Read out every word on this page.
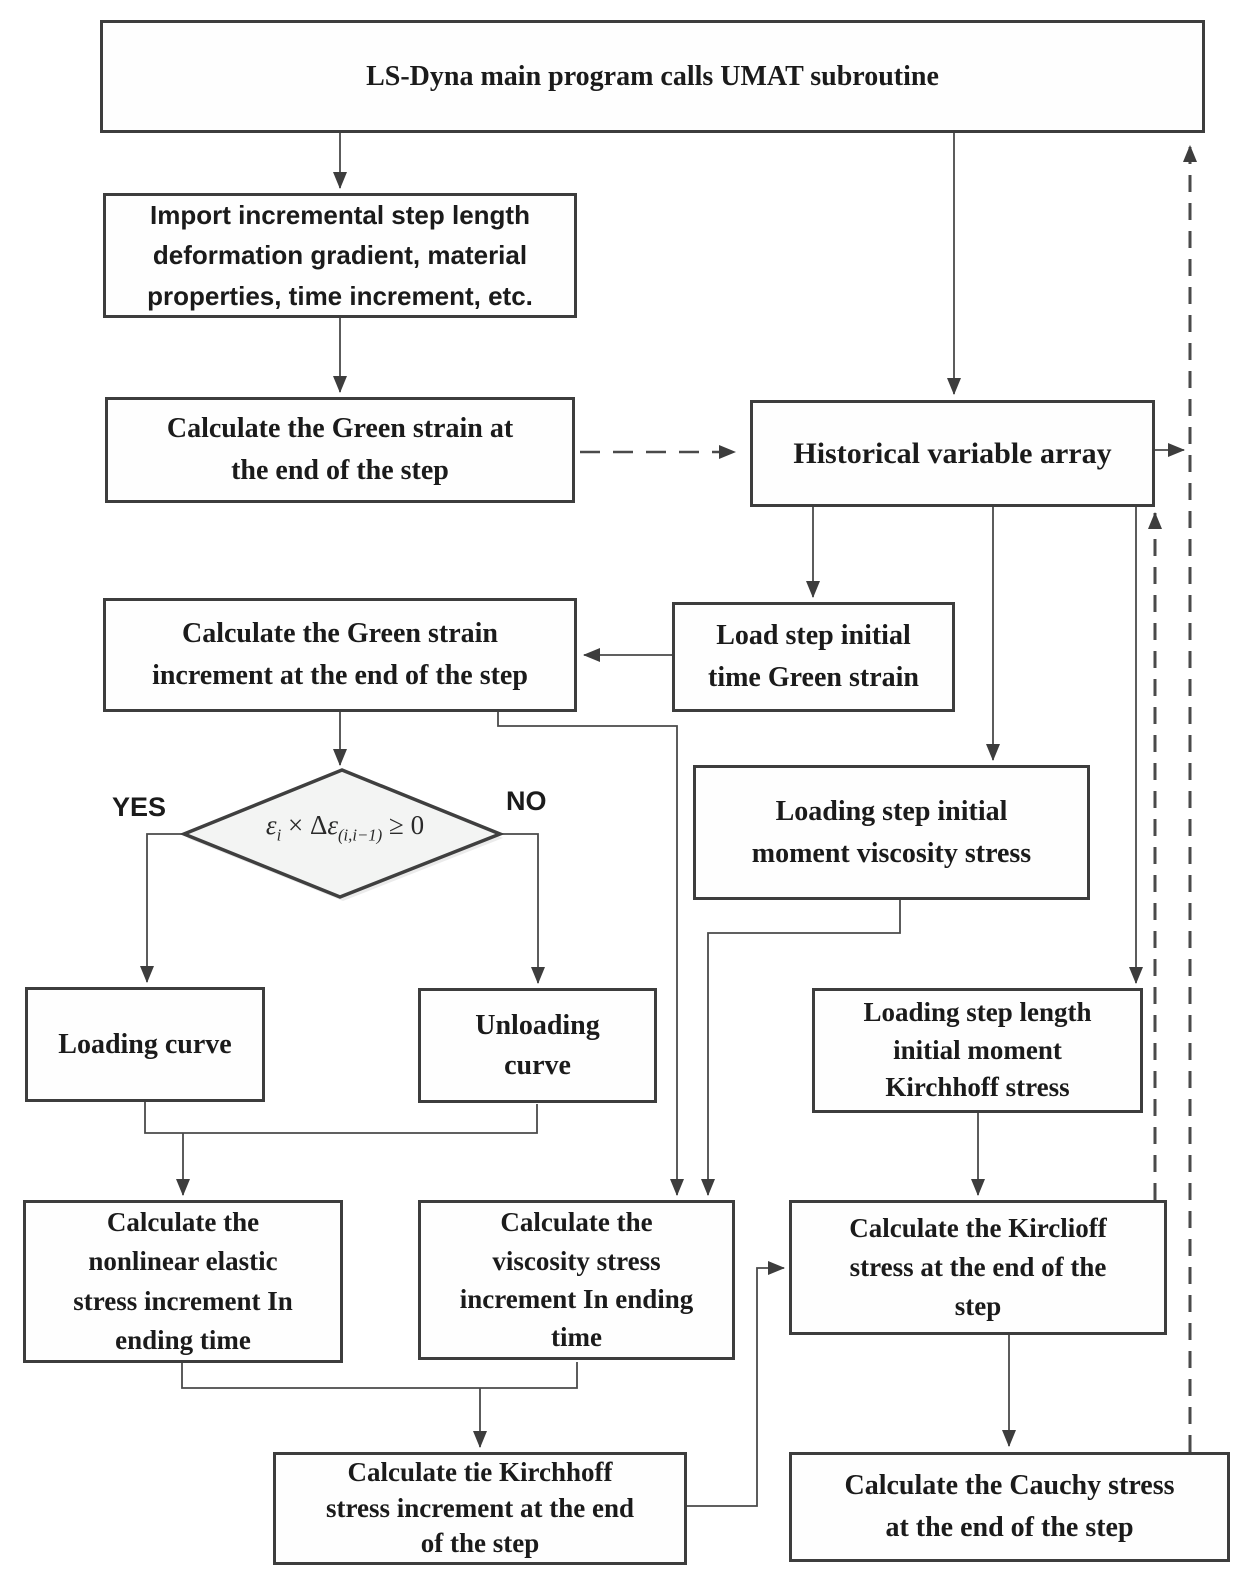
LS-Dyna main program calls UMAT subroutine
Import incremental step length
deformation gradient, material
properties, time increment, etc.
Calculate the Green strain at
the end of the step
Historical variable array
Calculate the Green strain
increment at the end of the step
Load step initial
time Green strain
Loading step initial
moment viscosity stress
Loading curve
Unloading
curve
Loading step length
initial moment
Kirchhoff stress
Calculate the
nonlinear elastic
stress increment In
ending time
Calculate the
viscosity stress
increment In ending
time
Calculate the Kirclioff
stress at the end of the
step
Calculate tie Kirchhoff
stress increment at the end
of the step
Calculate the Cauchy stress
at the end of the step
YES	NO
$\varepsilon_i \times \Delta\varepsilon_{(i,i-1)} \ge 0$
